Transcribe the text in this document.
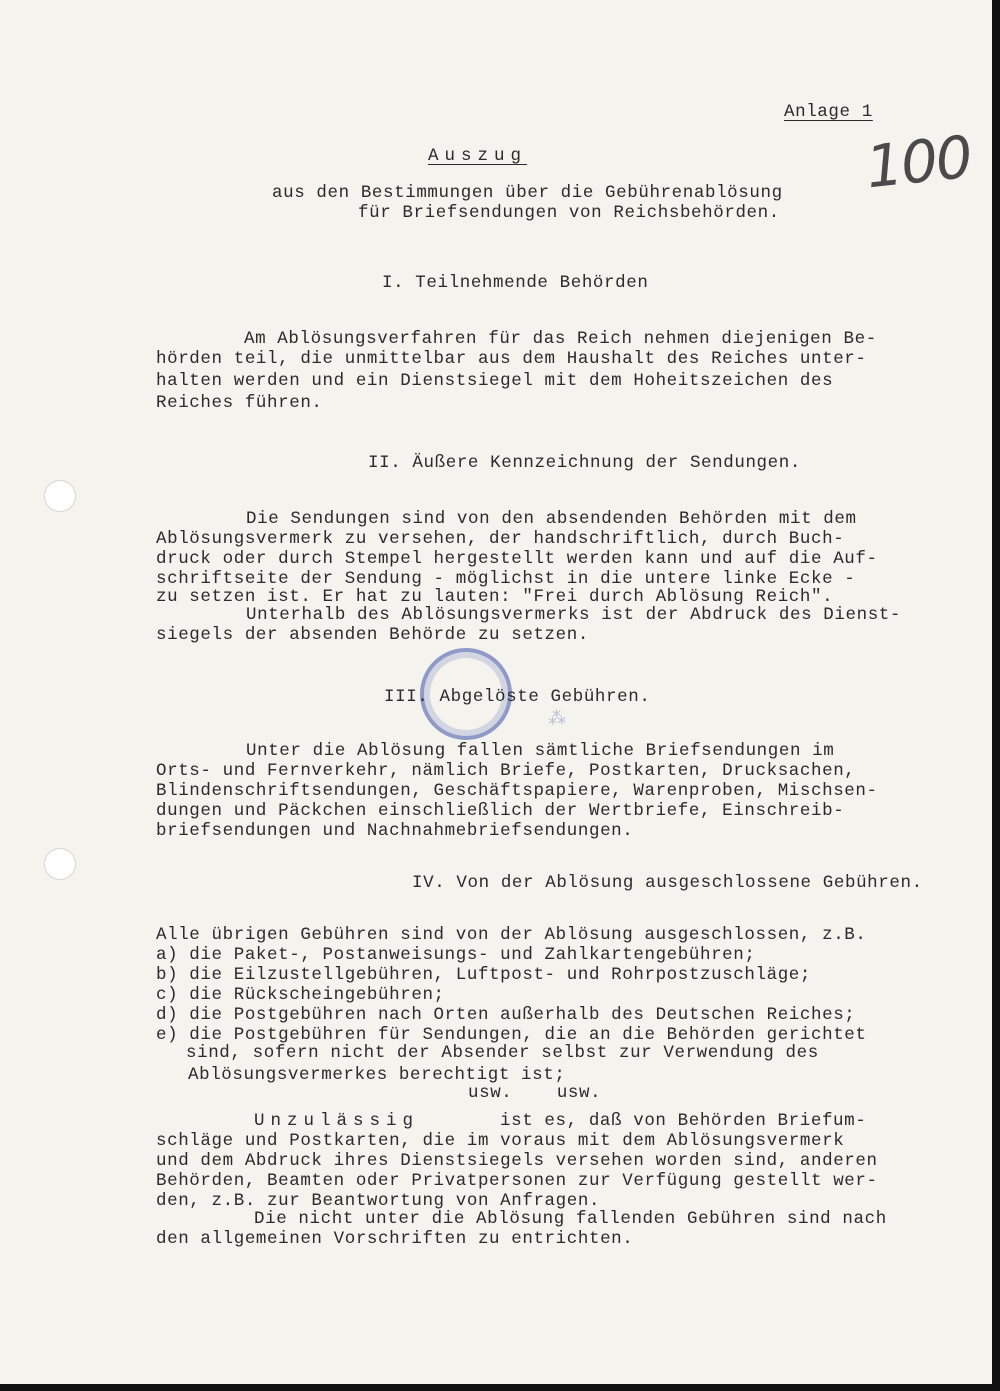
Anlage 1
100
Auszug
aus den Bestimmungen über die Gebührenablösung
für Briefsendungen von Reichsbehörden.
I. Teilnehmende Behörden
Am Ablösungsverfahren für das Reich nehmen diejenigen Be-
hörden teil, die unmittelbar aus dem Haushalt des Reiches unter-
halten werden und ein Dienstsiegel mit dem Hoheitszeichen des
Reiches führen.
II. Äußere Kennzeichnung der Sendungen.
Die Sendungen sind von den absendenden Behörden mit dem
Ablösungsvermerk zu versehen, der handschriftlich, durch Buch-
druck oder durch Stempel hergestellt werden kann und auf die Auf-
schriftseite der Sendung - möglichst in die untere linke Ecke -
zu setzen ist. Er hat zu lauten: "Frei durch Ablösung Reich".
Unterhalb des Ablösungsvermerks ist der Abdruck des Dienst-
siegels der absenden Behörde zu setzen.
⁂
III. Abgelöste Gebühren.
Unter die Ablösung fallen sämtliche Briefsendungen im
Orts- und Fernverkehr, nämlich Briefe, Postkarten, Drucksachen,
Blindenschriftsendungen, Geschäftspapiere, Warenproben, Mischsen-
dungen und Päckchen einschließlich der Wertbriefe, Einschreib-
briefsendungen und Nachnahmebriefsendungen.
IV. Von der Ablösung ausgeschlossene Gebühren.
Alle übrigen Gebühren sind von der Ablösung ausgeschlossen, z.B.
a) die Paket-, Postanweisungs- und Zahlkartengebühren;
b) die Eilzustellgebühren, Luftpost- und Rohrpostzuschläge;
c) die Rückscheingebühren;
d) die Postgebühren nach Orten außerhalb des Deutschen Reiches;
e) die Postgebühren für Sendungen, die an die Behörden gerichtet
sind, sofern nicht der Absender selbst zur Verwendung des
Ablösungsvermerkes berechtigt ist;
usw.    usw.
Unzulässig	ist es, daß von Behörden Briefum-
schläge und Postkarten, die im voraus mit dem Ablösungsvermerk
und dem Abdruck ihres Dienstsiegels versehen worden sind, anderen
Behörden, Beamten oder Privatpersonen zur Verfügung gestellt wer-
den, z.B. zur Beantwortung von Anfragen.
Die nicht unter die Ablösung fallenden Gebühren sind nach
den allgemeinen Vorschriften zu entrichten.
